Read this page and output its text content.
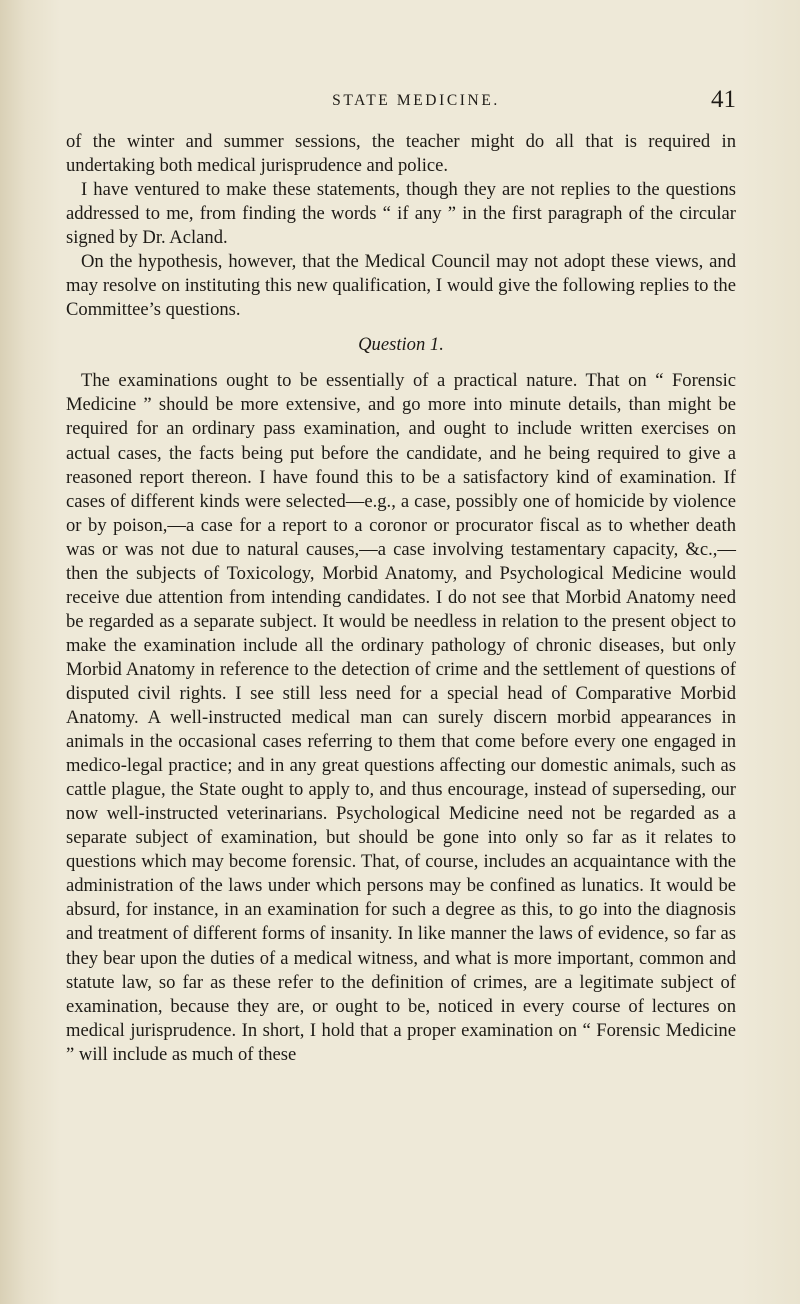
STATE MEDICINE.	41

of the winter and summer sessions, the teacher might do all that is required in undertaking both medical jurisprudence and police.

I have ventured to make these statements, though they are not replies to the questions addressed to me, from finding the words “ if any ” in the first paragraph of the circular signed by Dr. Acland.

On the hypothesis, however, that the Medical Council may not adopt these views, and may resolve on instituting this new qualification, I would give the following replies to the Committee’s questions.

Question 1.

The examinations ought to be essentially of a practical nature. That on “ Forensic Medicine ” should be more extensive, and go more into minute details, than might be required for an ordinary pass examination, and ought to include written exercises on actual cases, the facts being put before the candidate, and he being required to give a reasoned report thereon. I have found this to be a satisfactory kind of examination. If cases of different kinds were selected—e.g., a case, possibly one of homicide by violence or by poison,—a case for a report to a coronor or procurator fiscal as to whether death was or was not due to natural causes,—a case involving testamentary capacity, &c.,—then the subjects of Toxicology, Morbid Anatomy, and Psychological Medicine would receive due attention from intending candidates. I do not see that Morbid Anatomy need be regarded as a separate subject. It would be needless in relation to the present object to make the examination include all the ordinary pathology of chronic diseases, but only Morbid Anatomy in reference to the detection of crime and the settlement of questions of disputed civil rights. I see still less need for a special head of Comparative Morbid Anatomy. A well-instructed medical man can surely discern morbid appearances in animals in the occasional cases referring to them that come before every one engaged in medico-legal practice; and in any great questions affecting our domestic animals, such as cattle plague, the State ought to apply to, and thus encourage, instead of superseding, our now well-instructed veterinarians. Psychological Medicine need not be regarded as a separate subject of examination, but should be gone into only so far as it relates to questions which may become forensic. That, of course, includes an acquaintance with the administration of the laws under which persons may be confined as lunatics. It would be absurd, for instance, in an examination for such a degree as this, to go into the diagnosis and treatment of different forms of insanity. In like manner the laws of evidence, so far as they bear upon the duties of a medical witness, and what is more important, common and statute law, so far as these refer to the definition of crimes, are a legitimate subject of examination, because they are, or ought to be, noticed in every course of lectures on medical jurisprudence. In short, I hold that a proper examination on “ Forensic Medicine ” will include as much of these
